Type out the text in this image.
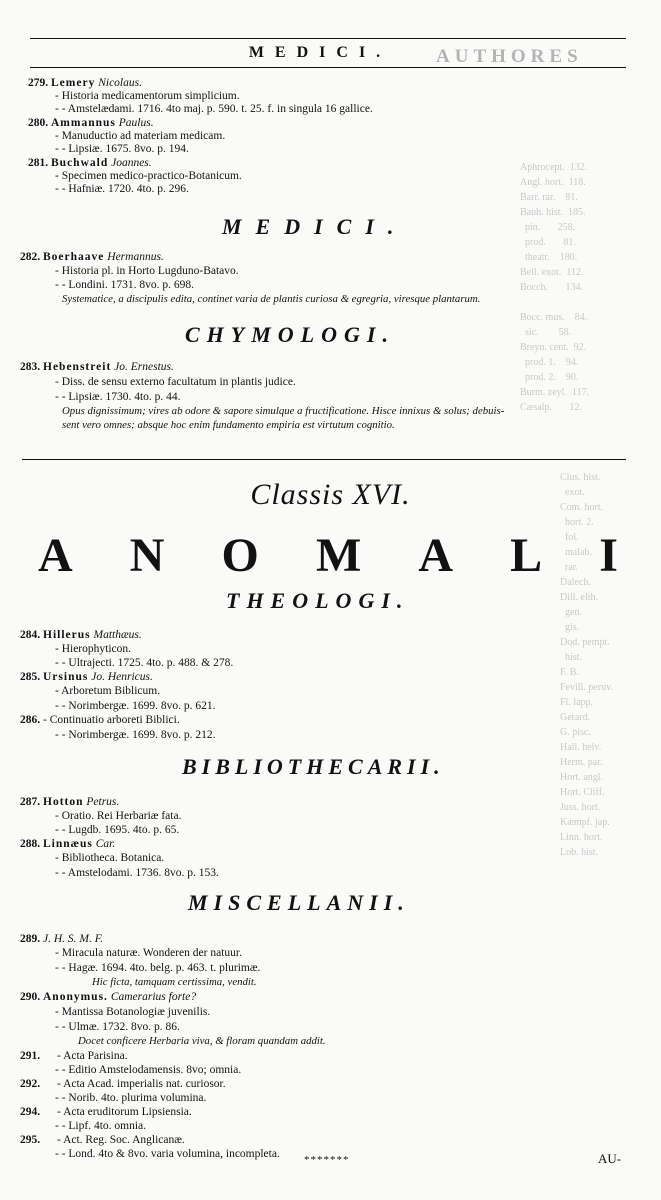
MEDICI.	AUTHORES
Aphrocept.  132.
Angl. hort.  118.
Barr. rar.    81.
Bauh. hist.  185.
pin.       258.
prod.       81.
theatr.    180.
Bell. exot.  112.
Bocch.       134.

Bocc. mus.    84.
sic.        58.
Breyn. cent.  92.
prod. 1.    94.
prod. 2.    90.
Burm. zeyl.  117.
Cæsalp.       12.
Clus. hist.
exot.
Com. hort.
hort. 2.
fol.
malab.
rar.
Dalech.
Dill. elth.
gen.
gis.
Dod. pempt.
hist.
F. B.
Fevill. peruv.
Fl. lapp.
Gerard.
G. pisc.
Hall. helv.
Herm. par.
Hort. angl.
Hort. Cliff.
Juss. hort.
Kæmpf. jap.
Linn. hort.
Lob. hist.
279. Lemery Nicolaus.
- Historia medicamentorum simplicium.
- - Amstelædami. 1716. 4to maj. p. 590. t. 25. f. in singula 16 gallice.
280. Ammannus Paulus.
- Manuductio ad materiam medicam.
- - Lipsiæ. 1675. 8vo. p. 194.
281. Buchwald Joannes.
- Specimen medico-practico-Botanicum.
- - Hafniæ. 1720. 4to. p. 296.
MEDICI.
282. Boerhaave Hermannus.
- Historia pl. in Horto Lugduno-Batavo.
- - Londini. 1731. 8vo. p. 698.
Systematice, a discipulis edita, continet varia de plantis curiosa & egregria, viresque plantarum.
CHYMOLOGI.
283. Hebenstreit Jo. Ernestus.
- Diss. de sensu externo facultatum in plantis judice.
- - Lipsiæ. 1730. 4to. p. 44.
Opus dignissimum; vires ab odore & sapore simulque a fructificatione. Hisce innixus & solus; debuis-
sent vero omnes; absque hoc enim fundamento empiria est virtutum cognitio.
Classis XVI.
A N O M A L I
THEOLOGI.
284. Hillerus Matthæus.
- Hierophyticon.
- - Ultrajecti. 1725. 4to. p. 488. & 278.
285. Ursinus Jo. Henricus.
- Arboretum Biblicum.
- - Norimbergæ. 1699. 8vo. p. 621.
286. - Continuatio arboreti Biblici.
- - Norimbergæ. 1699. 8vo. p. 212.
BIBLIOTHECARII.
287. Hotton Petrus.
- Oratio. Rei Herbariæ fata.
- - Lugdb. 1695. 4to. p. 65.
288. Linnæus Car.
- Bibliotheca. Botanica.
- - Amstelodami. 1736. 8vo. p. 153.
MISCELLANII.
289. J. H. S. M. F.
- Miracula naturæ. Wonderen der natuur.
- - Hagæ. 1694. 4to. belg. p. 463. t. plurimæ.
Hic ficta, tamquam certissima, vendit.
290. Anonymus. Camerarius forte?
- Mantissa Botanologiæ juvenilis.
- - Ulmæ. 1732. 8vo. p. 86.
Docet conficere Herbaria viva, & floram quandam addit.
291. - Acta Parisina.
- - Editio Amstelodamensis. 8vo; omnia.
292. - Acta Acad. imperialis nat. curiosor.
- - Norib. 4to. plurima volumina.
294. - Acta eruditorum Lipsiensia.
- - Lipf. 4to. omnia.
295. - Act. Reg. Soc. Anglicanæ.
- - Lond. 4to & 8vo. varia volumina, incompleta. *******	AU-
